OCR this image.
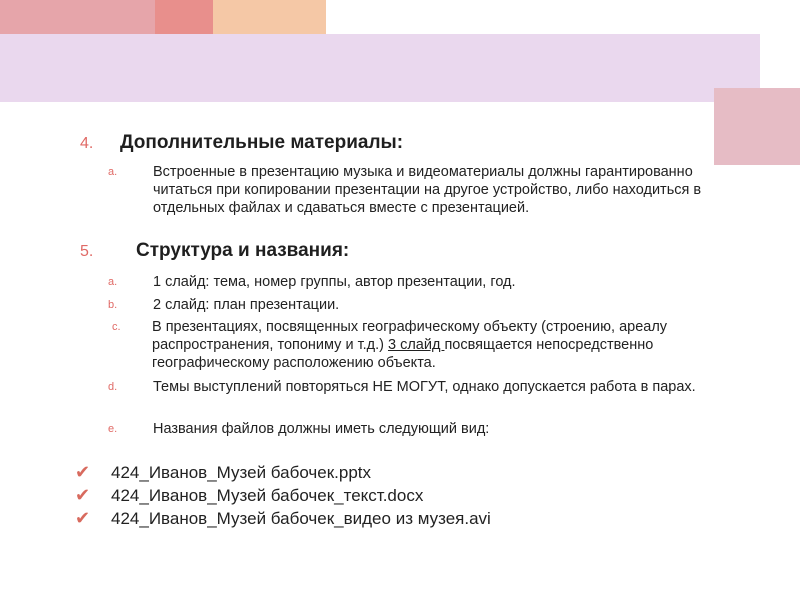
4. Дополнительные материалы:
a.	Встроенные в презентацию музыка и видеоматериалы должны гарантированно читаться при копировании презентации на другое устройство, либо находиться в отдельных файлах и сдаваться вместе с презентацией.
5. Структура и названия:
a.	1 слайд: тема, номер группы, автор презентации, год.
b.	2 слайд: план презентации.
c.	В презентациях, посвященных географическому объекту (строению, ареалу распространения, топониму и т.д.) 3 слайд посвящается непосредственно географическому расположению объекта.
d.	Темы выступлений повторяться НЕ МОГУТ, однако допускается работа в парах.
e.	Названия файлов должны иметь следующий вид:
✔ 424_Иванов_Музей бабочек.pptx
✔ 424_Иванов_Музей бабочек_текст.docx
✔ 424_Иванов_Музей бабочек_видео из музея.avi
